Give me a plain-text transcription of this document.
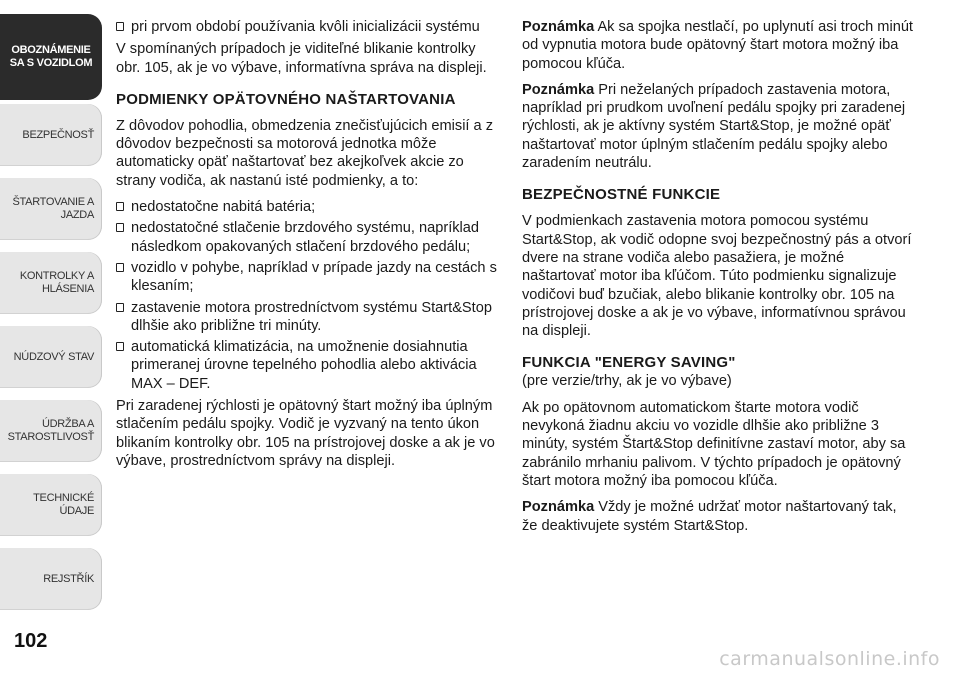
OBOZNÁMENIE
SA S VOZIDLOM
BEZPEČNOSŤ
ŠTARTOVANIE A
JAZDA
KONTROLKY A
HLÁSENIA
NÚDZOVÝ STAV
ÚDRŽBA A
STAROSTLIVOSŤ
TECHNICKÉ ÚDAJE
REJSTŘÍK
102
pri prvom období používania kvôli inicializácii systému

V spomínaných prípadoch je viditeľné blikanie kontrolky obr. 105, ak je vo výbave, informatívna správa na displeji.

PODMIENKY OPÄTOVNÉHO NAŠTARTOVANIA

Z dôvodov pohodlia, obmedzenia znečisťujúcich emisií a z dôvodov bezpečnosti sa motorová jednotka môže automaticky opäť naštartovať bez akejkoľvek akcie zo strany vodiča, ak nastanú isté podmienky, a to:

nedostatočne nabitá batéria;
nedostatočné stlačenie brzdového systému, napríklad následkom opakovaných stlačení brzdového pedálu;
vozidlo v pohybe, napríklad v prípade jazdy na cestách s klesaním;
zastavenie motora prostredníctvom systému Start&Stop dlhšie ako približne tri minúty.
automatická klimatizácia, na umožnenie dosiahnutia primeranej úrovne tepelného pohodlia alebo aktivácia MAX – DEF.

Pri zaradenej rýchlosti je opätovný štart možný iba úplným stlačením pedálu spojky. Vodič je vyzvaný na tento úkon blikaním kontrolky obr. 105 na prístrojovej doske a ak je vo výbave, prostredníctvom správy na displeji.

Poznámka Ak sa spojka nestlačí, po uplynutí asi troch minút od vypnutia motora bude opätovný štart motora možný iba pomocou kľúča.

Poznámka Pri neželaných prípadoch zastavenia motora, napríklad pri prudkom uvoľnení pedálu spojky pri zaradenej rýchlosti, ak je aktívny systém Start&Stop, je možné opäť naštartovať motor úplným stlačením pedálu spojky alebo zaradením neutrálu.

BEZPEČNOSTNÉ FUNKCIE

V podmienkach zastavenia motora pomocou systému Start&Stop, ak vodič odopne svoj bezpečnostný pás a otvorí dvere na strane vodiča alebo pasažiera, je možné naštartovať motor iba kľúčom. Túto podmienku signalizuje vodičovi buď bzučiak, alebo blikanie kontrolky obr. 105 na prístrojovej doske a ak je vo výbave, informatívnou správou na displeji.

FUNKCIA "ENERGY SAVING"

(pre verzie/trhy, ak je vo výbave)

Ak po opätovnom automatickom štarte motora vodič nevykoná žiadnu akciu vo vozidle dlhšie ako približne 3 minúty, systém Štart&Stop definitívne zastaví motor, aby sa zabránilo mrhaniu palivom. V týchto prípadoch je opätovný štart motora možný iba pomocou kľúča.

Poznámka Vždy je možné udržať motor naštartovaný tak, že deaktivujete systém Start&Stop.

carmanualsonline.info
